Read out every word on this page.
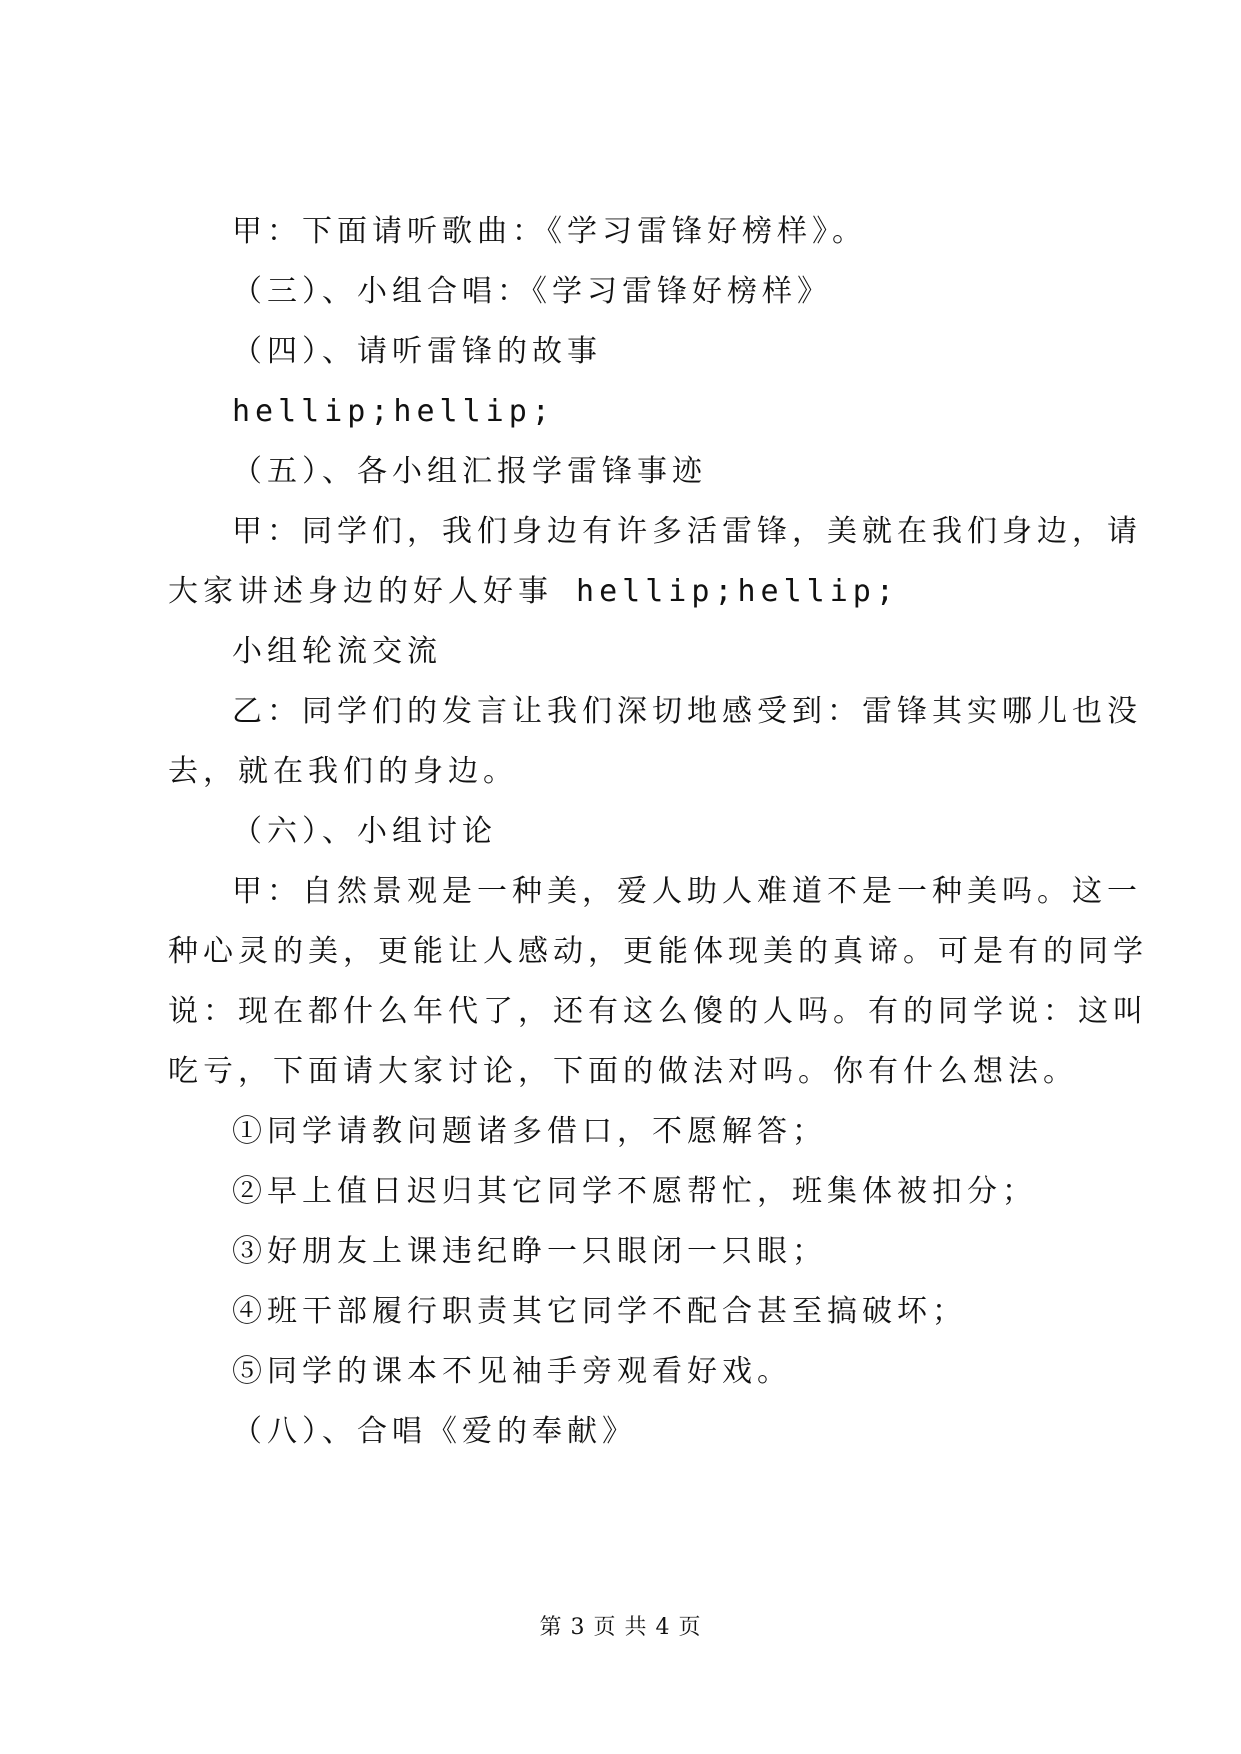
甲：下面请听歌曲：《学习雷锋好榜样》。
（三）、小组合唱：《学习雷锋好榜样》
（四）、请听雷锋的故事
hellip;hellip;
（五）、各小组汇报学雷锋事迹
甲：同学们，我们身边有许多活雷锋，美就在我们身边，请
大家讲述身边的好人好事 hellip;hellip;
小组轮流交流
乙：同学们的发言让我们深切地感受到：雷锋其实哪儿也没
去，就在我们的身边。
（六）、小组讨论
甲：自然景观是一种美，爱人助人难道不是一种美吗。这一
种心灵的美，更能让人感动，更能体现美的真谛。可是有的同学
说：现在都什么年代了，还有这么傻的人吗。有的同学说：这叫
吃亏，下面请大家讨论，下面的做法对吗。你有什么想法。
①同学请教问题诸多借口，不愿解答；
②早上值日迟归其它同学不愿帮忙，班集体被扣分；
③好朋友上课违纪睁一只眼闭一只眼；
④班干部履行职责其它同学不配合甚至搞破坏；
⑤同学的课本不见袖手旁观看好戏。
（八）、合唱《爱的奉献》
第 3 页 共 4 页
